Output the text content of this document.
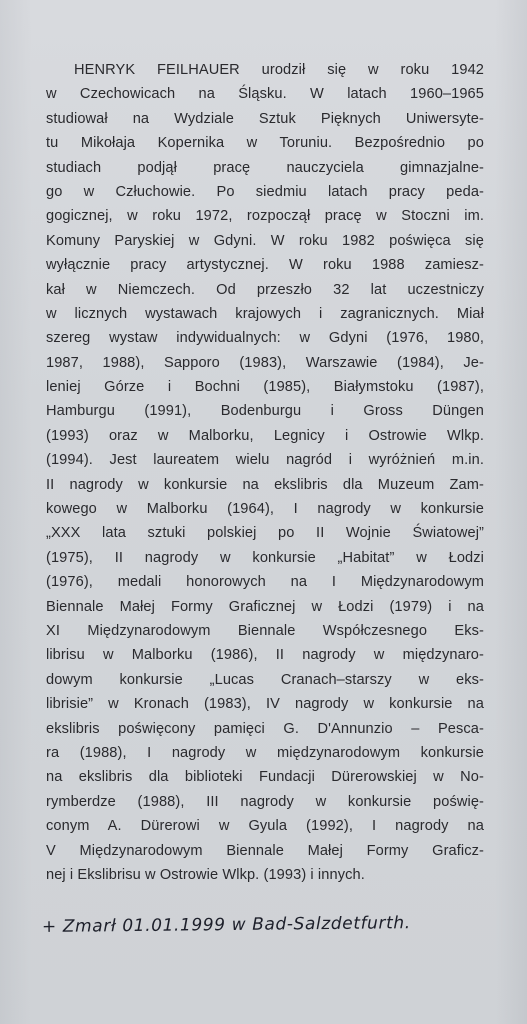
HENRYK FEILHAUER urodził się w roku 1942
w Czechowicach na Śląsku. W latach 1960–1965
studiował na Wydziale Sztuk Pięknych Uniwersyte-
tu Mikołaja Kopernika w Toruniu. Bezpośrednio po
studiach podjął pracę nauczyciela gimnazjalne-
go w Człuchowie. Po siedmiu latach pracy peda-
gogicznej, w roku 1972, rozpoczął pracę w Stoczni im.
Komuny Paryskiej w Gdyni. W roku 1982 poświęca się
wyłącznie pracy artystycznej. W roku 1988 zamiesz-
kał w Niemczech. Od przeszło 32 lat uczestniczy
w licznych wystawach krajowych i zagranicznych. Miał
szereg wystaw indywidualnych: w Gdyni (1976, 1980,
1987, 1988), Sapporo (1983), Warszawie (1984), Je-
leniej Górze i Bochni (1985), Białymstoku (1987),
Hamburgu (1991), Bodenburgu i Gross Düngen
(1993) oraz w Malborku, Legnicy i Ostrowie Wlkp.
(1994). Jest laureatem wielu nagród i wyróżnień m.in.
II nagrody w konkursie na ekslibris dla Muzeum Zam-
kowego w Malborku (1964), I nagrody w konkursie
„XXX lata sztuki polskiej po II Wojnie Światowej”
(1975), II nagrody w konkursie „Habitat” w Łodzi
(1976), medali honorowych na I Międzynarodowym
Biennale Małej Formy Graficznej w Łodzi (1979) i na
XI Międzynarodowym Biennale Współczesnego Eks-
librisu w Malborku (1986), II nagrody w międzynaro-
dowym konkursie „Lucas Cranach–starszy w eks-
librisie” w Kronach (1983), IV nagrody w konkursie na
ekslibris poświęcony pamięci G. D'Annunzio – Pesca-
ra (1988), I nagrody w międzynarodowym konkursie
na ekslibris dla biblioteki Fundacji Dürerowskiej w No-
rymberdze (1988), III nagrody w konkursie poświę-
conym A. Dürerowi w Gyula (1992), I nagrody na
V Międzynarodowym Biennale Małej Formy Graficz-
nej i Ekslibrisu w Ostrowie Wlkp. (1993) i innych.
+ Zmarł 01.01.1999 w Bad-Salzdetfurth.
